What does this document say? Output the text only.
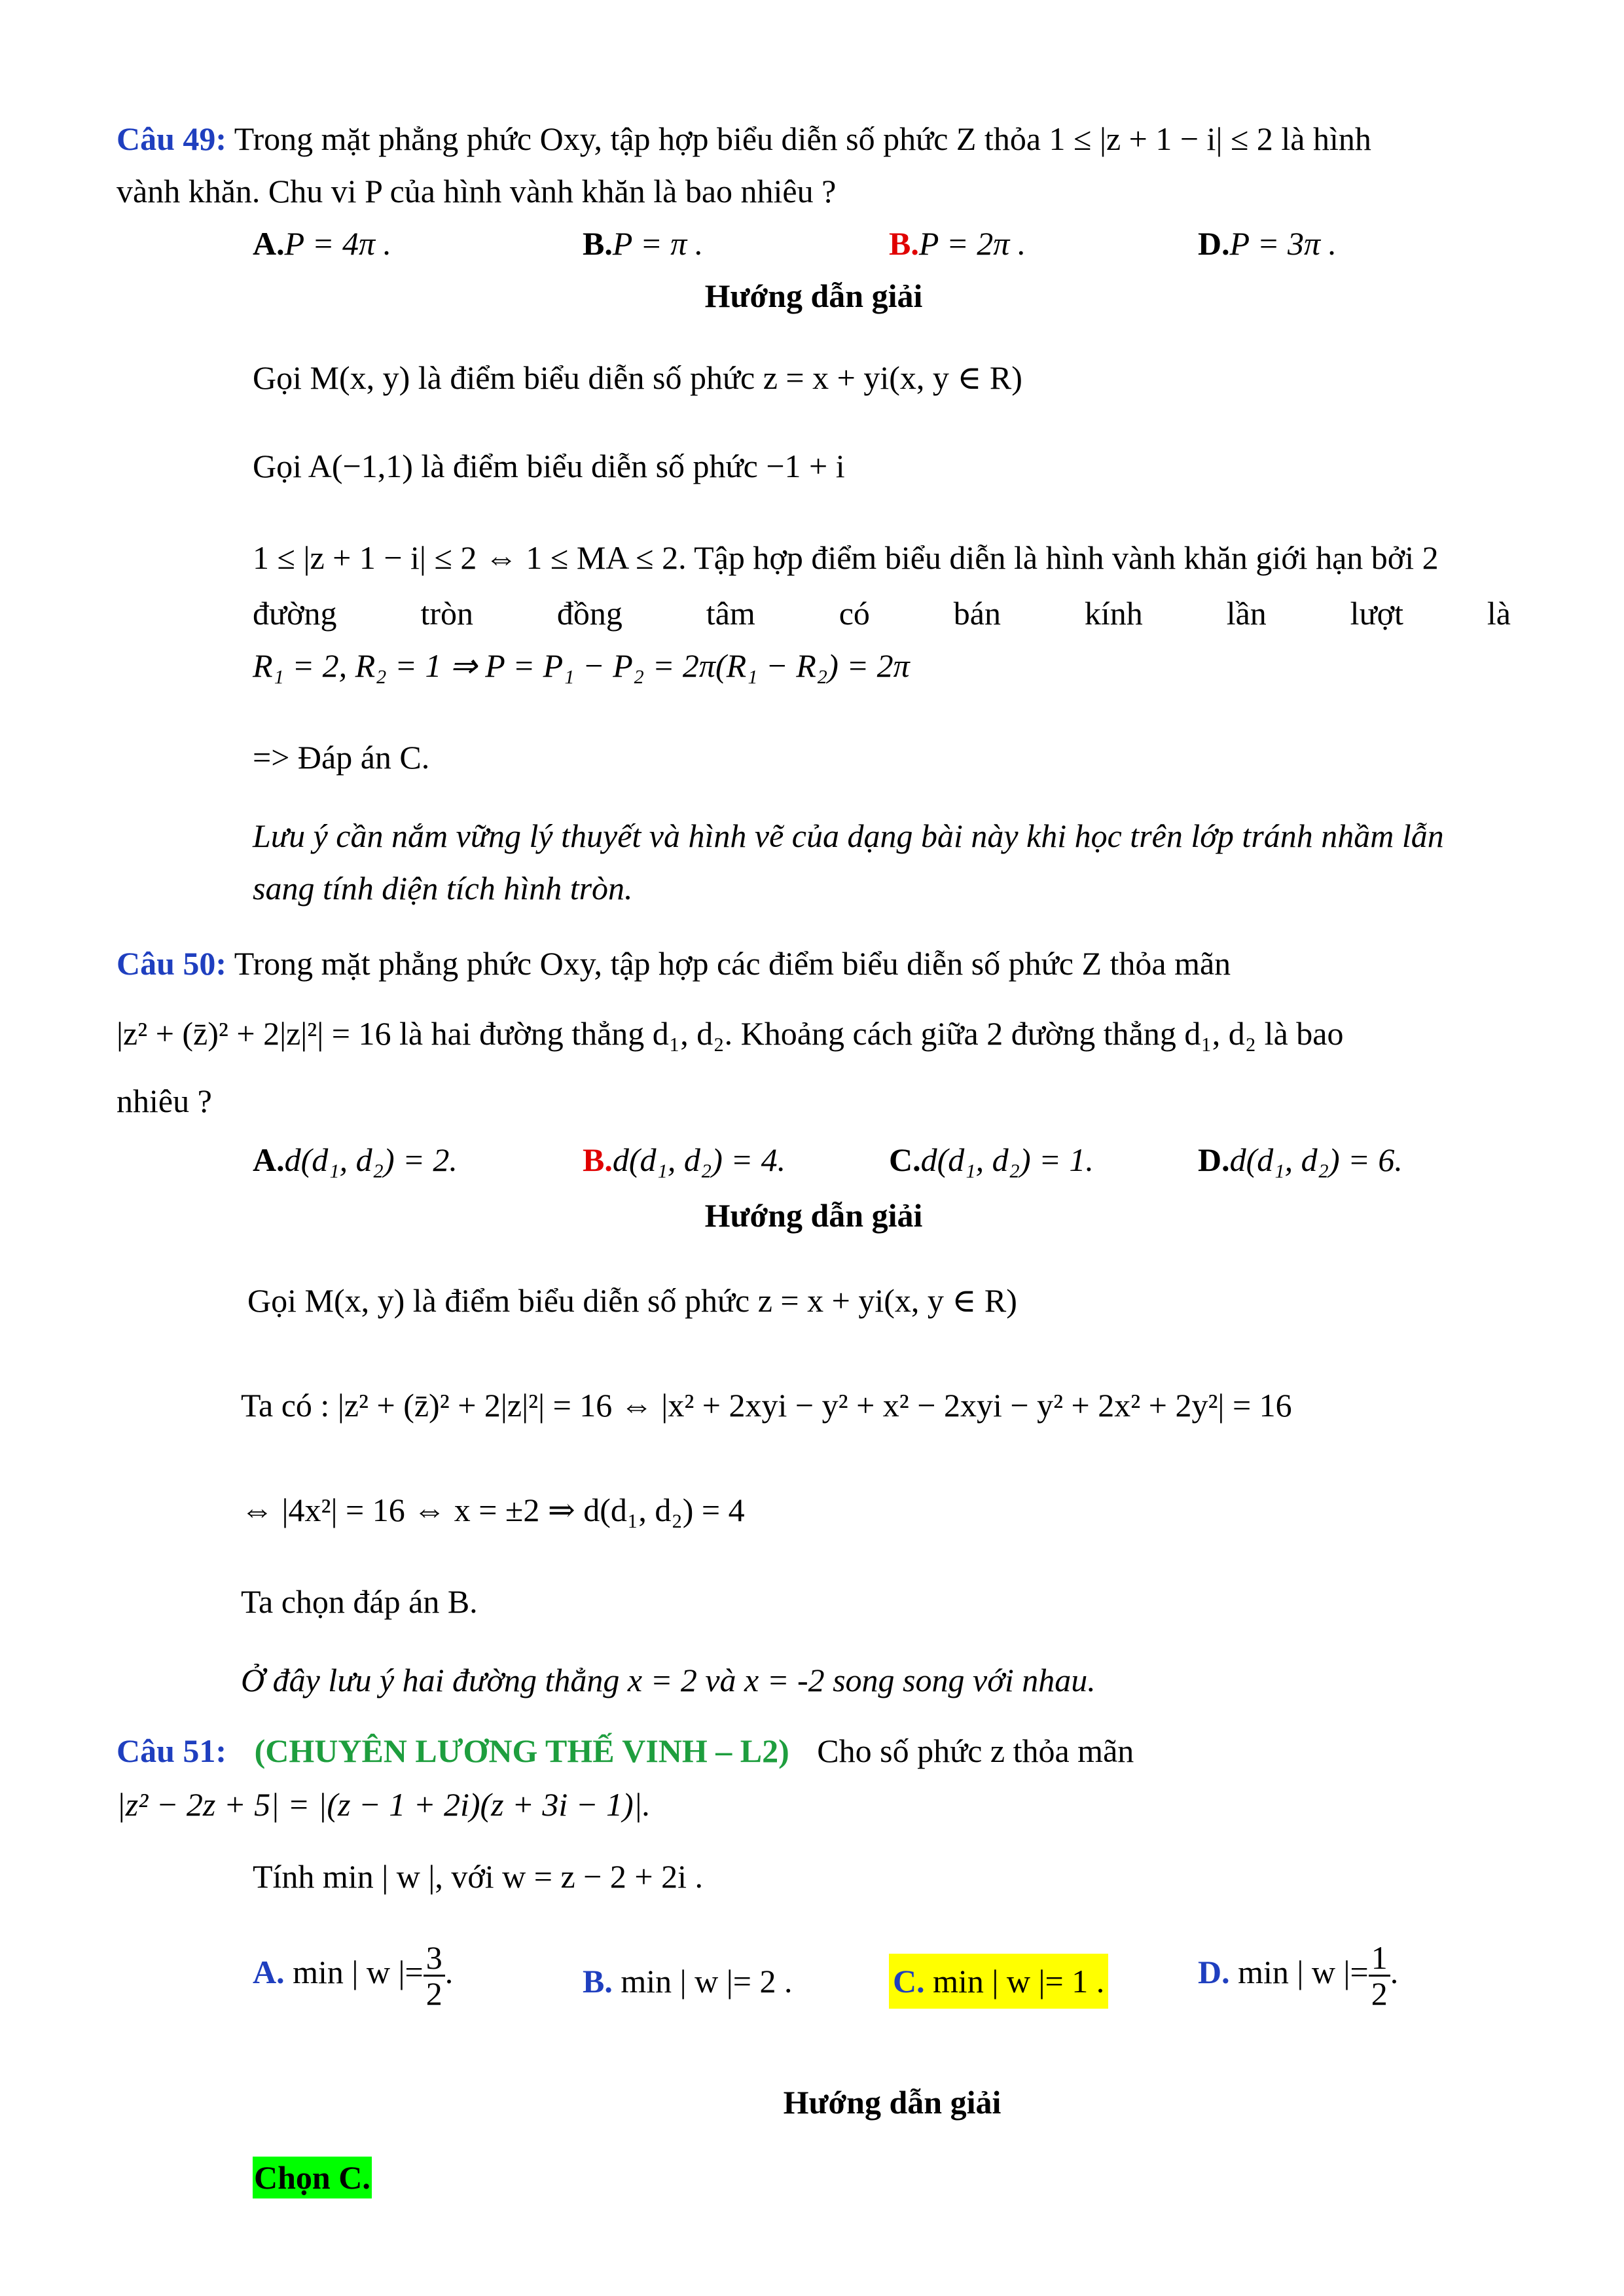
Câu 49: Trong mặt phẳng phức Oxy, tập hợp biểu diễn số phức Z thỏa 1 ≤ |z + 1 − i| ≤ 2 là hình
vành khăn. Chu vi P của hình vành khăn là bao nhiêu ?
A.P = 4π .	B.P = π .	B.P = 2π .	D.P = 3π .
Hướng dẫn giải
Gọi M(x, y) là điểm biểu diễn số phức z = x + yi(x, y ∈ R)
Gọi A(−1,1) là điểm biểu diễn số phức −1 + i
1 ≤ |z + 1 − i| ≤ 2 ⇔ 1 ≤ MA ≤ 2. Tập hợp điểm biểu diễn là hình vành khăn giới hạn bởi 2
đường tròn đồng tâm có bán kính lần lượt là
R₁ = 2, R₂ = 1 ⇒ P = P₁ − P₂ = 2π(R₁ − R₂) = 2π
=> Đáp án C.
Lưu ý cần nắm vững lý thuyết và hình vẽ của dạng bài này khi học trên lớp tránh nhầm lẫn
sang tính diện tích hình tròn.
Câu 50: Trong mặt phẳng phức Oxy, tập hợp các điểm biểu diễn số phức Z thỏa mãn
|z² + (z̄)² + 2|z|²| = 16 là hai đường thẳng d₁, d₂. Khoảng cách giữa 2 đường thẳng d₁, d₂ là bao
nhiêu ?
A.d(d₁, d₂) = 2.	B.d(d₁, d₂) = 4.	C.d(d₁, d₂) = 1.	D.d(d₁, d₂) = 6.
Hướng dẫn giải
Gọi M(x, y) là điểm biểu diễn số phức z = x + yi(x, y ∈ R)
Ta có : |z² + (z̄)² + 2|z|²| = 16 ⇔ |x² + 2xyi − y² + x² − 2xyi − y² + 2x² + 2y²| = 16
⇔ |4x²| = 16 ⇔ x = ±2 ⇒ d(d₁, d₂) = 4
Ta chọn đáp án B.
Ở đây lưu ý hai đường thẳng x = 2 và x = -2 song song với nhau.
Câu 51: (CHUYÊN LƯƠNG THẾ VINH – L2) Cho số phức z thỏa mãn
|z² − 2z + 5| = |(z − 1 + 2i)(z + 3i − 1)|.
Tính min | w |, với w = z − 2 + 2i .
A. min | w |= $\frac{3}{2}$ .	B. min | w |= 2 .	C. min | w |= 1 .	D. min | w |= $\frac{1}{2}$ .
Hướng dẫn giải
Chọn C.
